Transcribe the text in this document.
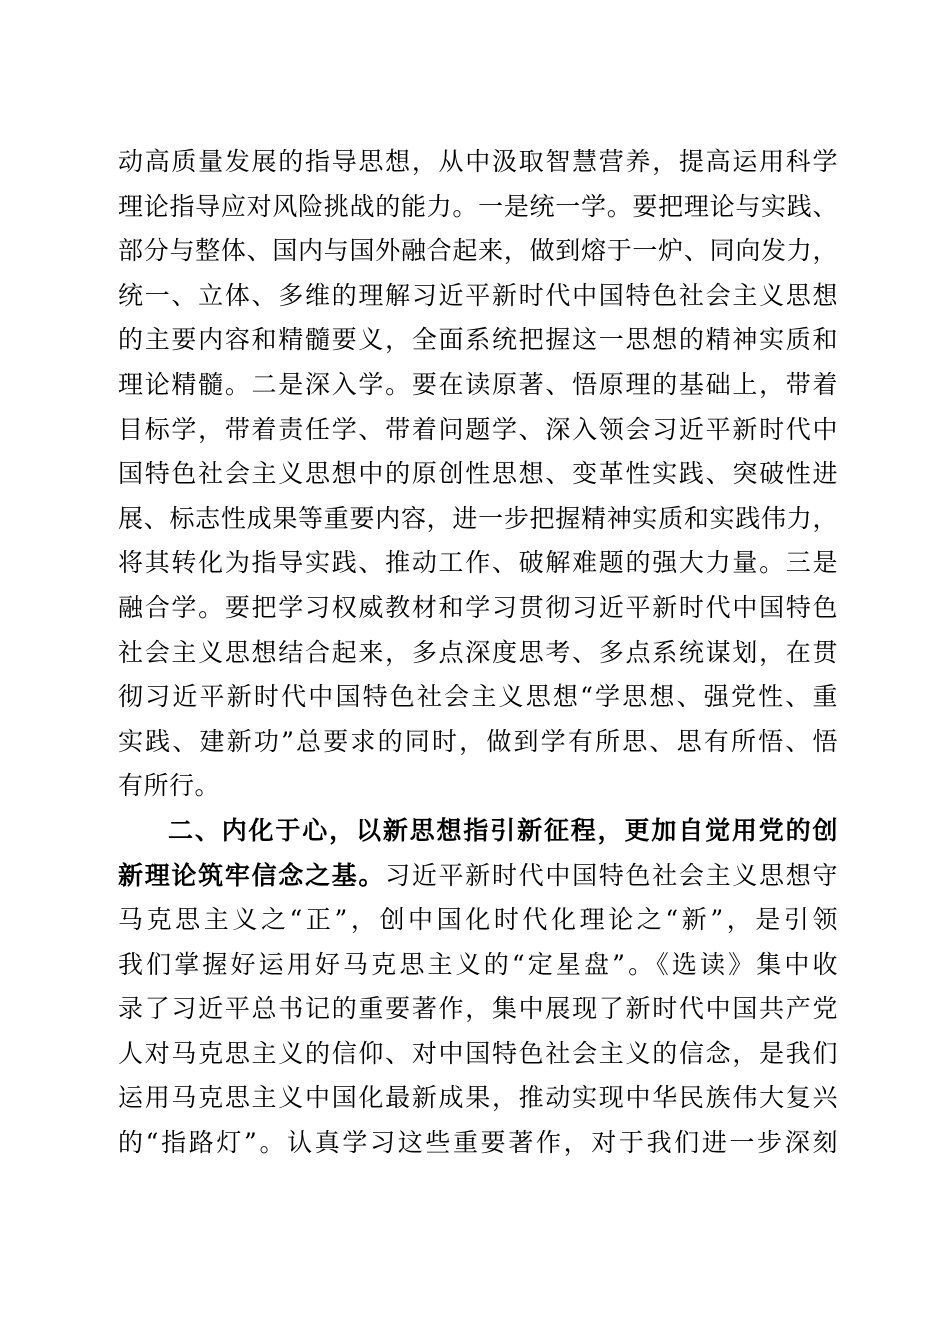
动高质量发展的指导思想，从中汲取智慧营养，提高运用科学
理论指导应对风险挑战的能力。一是统一学。要把理论与实践、
部分与整体、国内与国外融合起来，做到熔于一炉、同向发力，
统一、立体、多维的理解习近平新时代中国特色社会主义思想
的主要内容和精髓要义，全面系统把握这一思想的精神实质和
理论精髓。二是深入学。要在读原著、悟原理的基础上，带着
目标学，带着责任学、带着问题学、深入领会习近平新时代中
国特色社会主义思想中的原创性思想、变革性实践、突破性进
展、标志性成果等重要内容，进一步把握精神实质和实践伟力，
将其转化为指导实践、推动工作、破解难题的强大力量。三是
融合学。要把学习权威教材和学习贯彻习近平新时代中国特色
社会主义思想结合起来，多点深度思考、多点系统谋划，在贯
彻习近平新时代中国特色社会主义思想“学思想、强党性、重
实践、建新功”总要求的同时，做到学有所思、思有所悟、悟
有所行。
二、内化于心，以新思想指引新征程，更加自觉用党的创
新理论筑牢信念之基。习近平新时代中国特色社会主义思想守
马克思主义之“正”，创中国化时代化理论之“新”，是引领
我们掌握好运用好马克思主义的“定星盘”。《选读》集中收
录了习近平总书记的重要著作，集中展现了新时代中国共产党
人对马克思主义的信仰、对中国特色社会主义的信念，是我们
运用马克思主义中国化最新成果，推动实现中华民族伟大复兴
的“指路灯”。认真学习这些重要著作，对于我们进一步深刻
